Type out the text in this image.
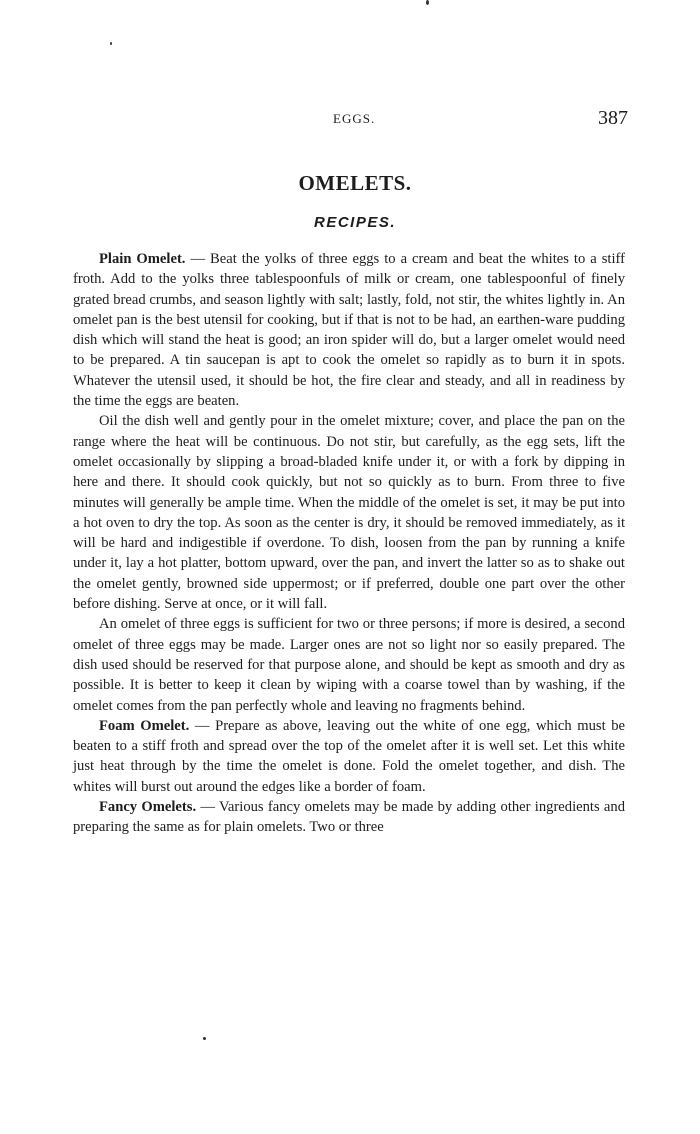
EGGS.	387
OMELETS.
RECIPES.

Plain Omelet. — Beat the yolks of three eggs to a cream and beat the whites to a stiff froth. Add to the yolks three tablespoonfuls of milk or cream, one tablespoonful of finely grated bread crumbs, and season lightly with salt; lastly, fold, not stir, the whites lightly in. An omelet pan is the best utensil for cooking, but if that is not to be had, an earthen-ware pudding dish which will stand the heat is good; an iron spider will do, but a larger omelet would need to be prepared. A tin saucepan is apt to cook the omelet so rapidly as to burn it in spots. Whatever the utensil used, it should be hot, the fire clear and steady, and all in readiness by the time the eggs are beaten.

Oil the dish well and gently pour in the omelet mixture; cover, and place the pan on the range where the heat will be continuous. Do not stir, but carefully, as the egg sets, lift the omelet occasionally by slipping a broad-bladed knife under it, or with a fork by dipping in here and there. It should cook quickly, but not so quickly as to burn. From three to five minutes will generally be ample time. When the middle of the omelet is set, it may be put into a hot oven to dry the top. As soon as the center is dry, it should be removed immediately, as it will be hard and indigestible if overdone. To dish, loosen from the pan by running a knife under it, lay a hot platter, bottom upward, over the pan, and invert the latter so as to shake out the omelet gently, browned side uppermost; or if preferred, double one part over the other before dishing. Serve at once, or it will fall.

An omelet of three eggs is sufficient for two or three persons; if more is desired, a second omelet of three eggs may be made. Larger ones are not so light nor so easily prepared. The dish used should be reserved for that purpose alone, and should be kept as smooth and dry as possible. It is better to keep it clean by wiping with a coarse towel than by washing, if the omelet comes from the pan perfectly whole and leaving no fragments behind.

Foam Omelet. — Prepare as above, leaving out the white of one egg, which must be beaten to a stiff froth and spread over the top of the omelet after it is well set. Let this white just heat through by the time the omelet is done. Fold the omelet together, and dish. The whites will burst out around the edges like a border of foam.

Fancy Omelets. — Various fancy omelets may be made by adding other ingredients and preparing the same as for plain omelets. Two or three
